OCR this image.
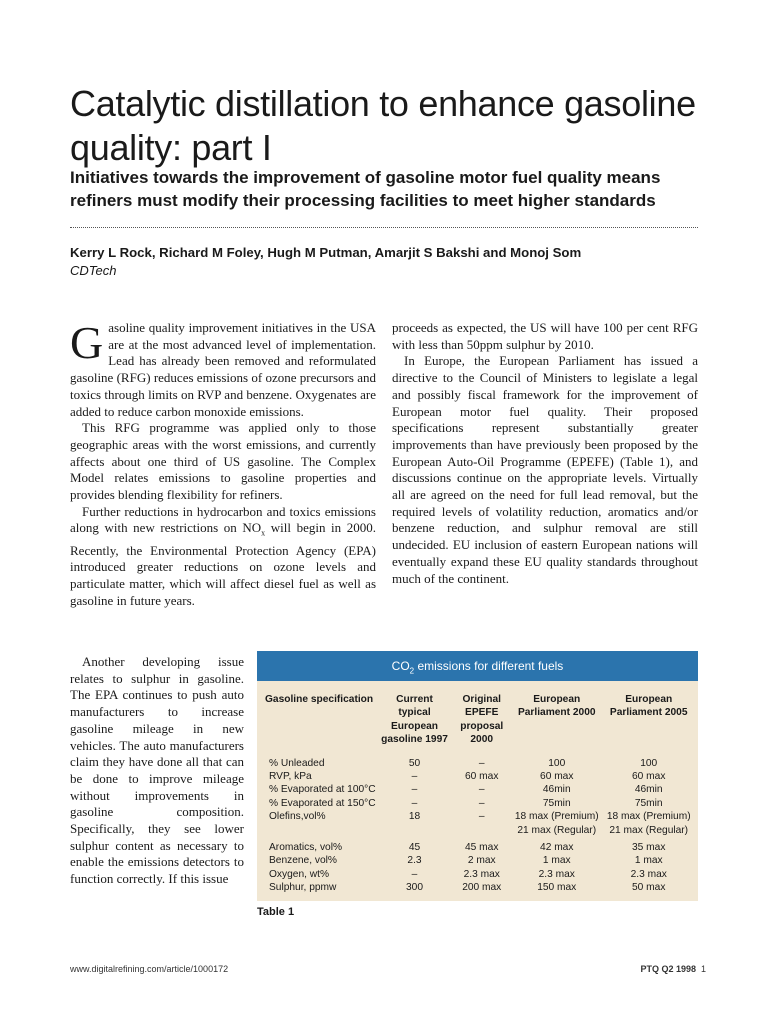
Catalytic distillation to enhance gasoline quality: part I
Initiatives towards the improvement of gasoline motor fuel quality means refiners must modify their processing facilities to meet higher standards
Kerry L Rock, Richard M Foley, Hugh M Putman, Amarjit S Bakshi and Monoj Som
CDTech

Gasoline quality improvement initiatives in the USA are at the most advanced level of implementation. Lead has already been removed and reformulated gasoline (RFG) reduces emissions of ozone precursors and toxics through limits on RVP and benzene. Oxygenates are added to reduce carbon monoxide emissions.

This RFG programme was applied only to those geographic areas with the worst emissions, and currently affects about one third of US gasoline. The Complex Model relates emissions to gasoline properties and provides blending flexibility for refiners.

Further reductions in hydrocarbon and toxics emissions along with new restrictions on $NO_x$ will begin in 2000. Recently, the Environmental Protection Agency (EPA) introduced greater reductions on ozone levels and particulate matter, which will affect diesel fuel as well as gasoline in future years.

Another developing issue relates to sulphur in gasoline. The EPA continues to push auto manufacturers to increase gasoline mileage in new vehicles. The auto manufacturers claim they have done all that can be done to improve mileage without improvements in gasoline composition. Specifically, they see lower sulphur content as necessary to enable the emissions detectors to function correctly. If this issue

proceeds as expected, the US will have 100 per cent RFG with less than 50ppm sulphur by 2010.

In Europe, the European Parliament has issued a directive to the Council of Ministers to legislate a legal and possibly fiscal framework for the improvement of European motor fuel quality. Their proposed specifications represent substantially greater improvements than have previously been proposed by the European Auto-Oil Programme (EPEFE) (Table 1), and discussions continue on the appropriate levels. Virtually all are agreed on the need for full lead removal, but the required levels of volatility reduction, aromatics and/or benzene reduction, and sulphur removal are still undecided. EU inclusion of eastern European nations will eventually expand these EU quality standards throughout much of the continent.

$CO_2$ emissions for different fuels
Gasoline specification	Current typical European gasoline 1997	Original EPEFE proposal 2000	European Parliament 2000	European Parliament 2005

% Unleaded	50	–	100	100
RVP, kPa	–	60 max	60 max	60 max
% Evaporated at 100°C	–	–	46min	46min
% Evaporated at 150°C	–	–	75min	75min
Olefins,vol%	18	–	18 max (Premium)	18 max (Premium)
			21 max (Regular)	21 max (Regular)

Aromatics, vol%	45	45 max	42 max	35 max
Benzene, vol%	2.3	2 max	1 max	1 max
Oxygen, wt%	–	2.3 max	2.3 max	2.3 max
Sulphur, ppmw	300	200 max	150 max	50 max
Table 1
www.digitalrefining.com/article/1000172	PTQ Q2 1998 1
